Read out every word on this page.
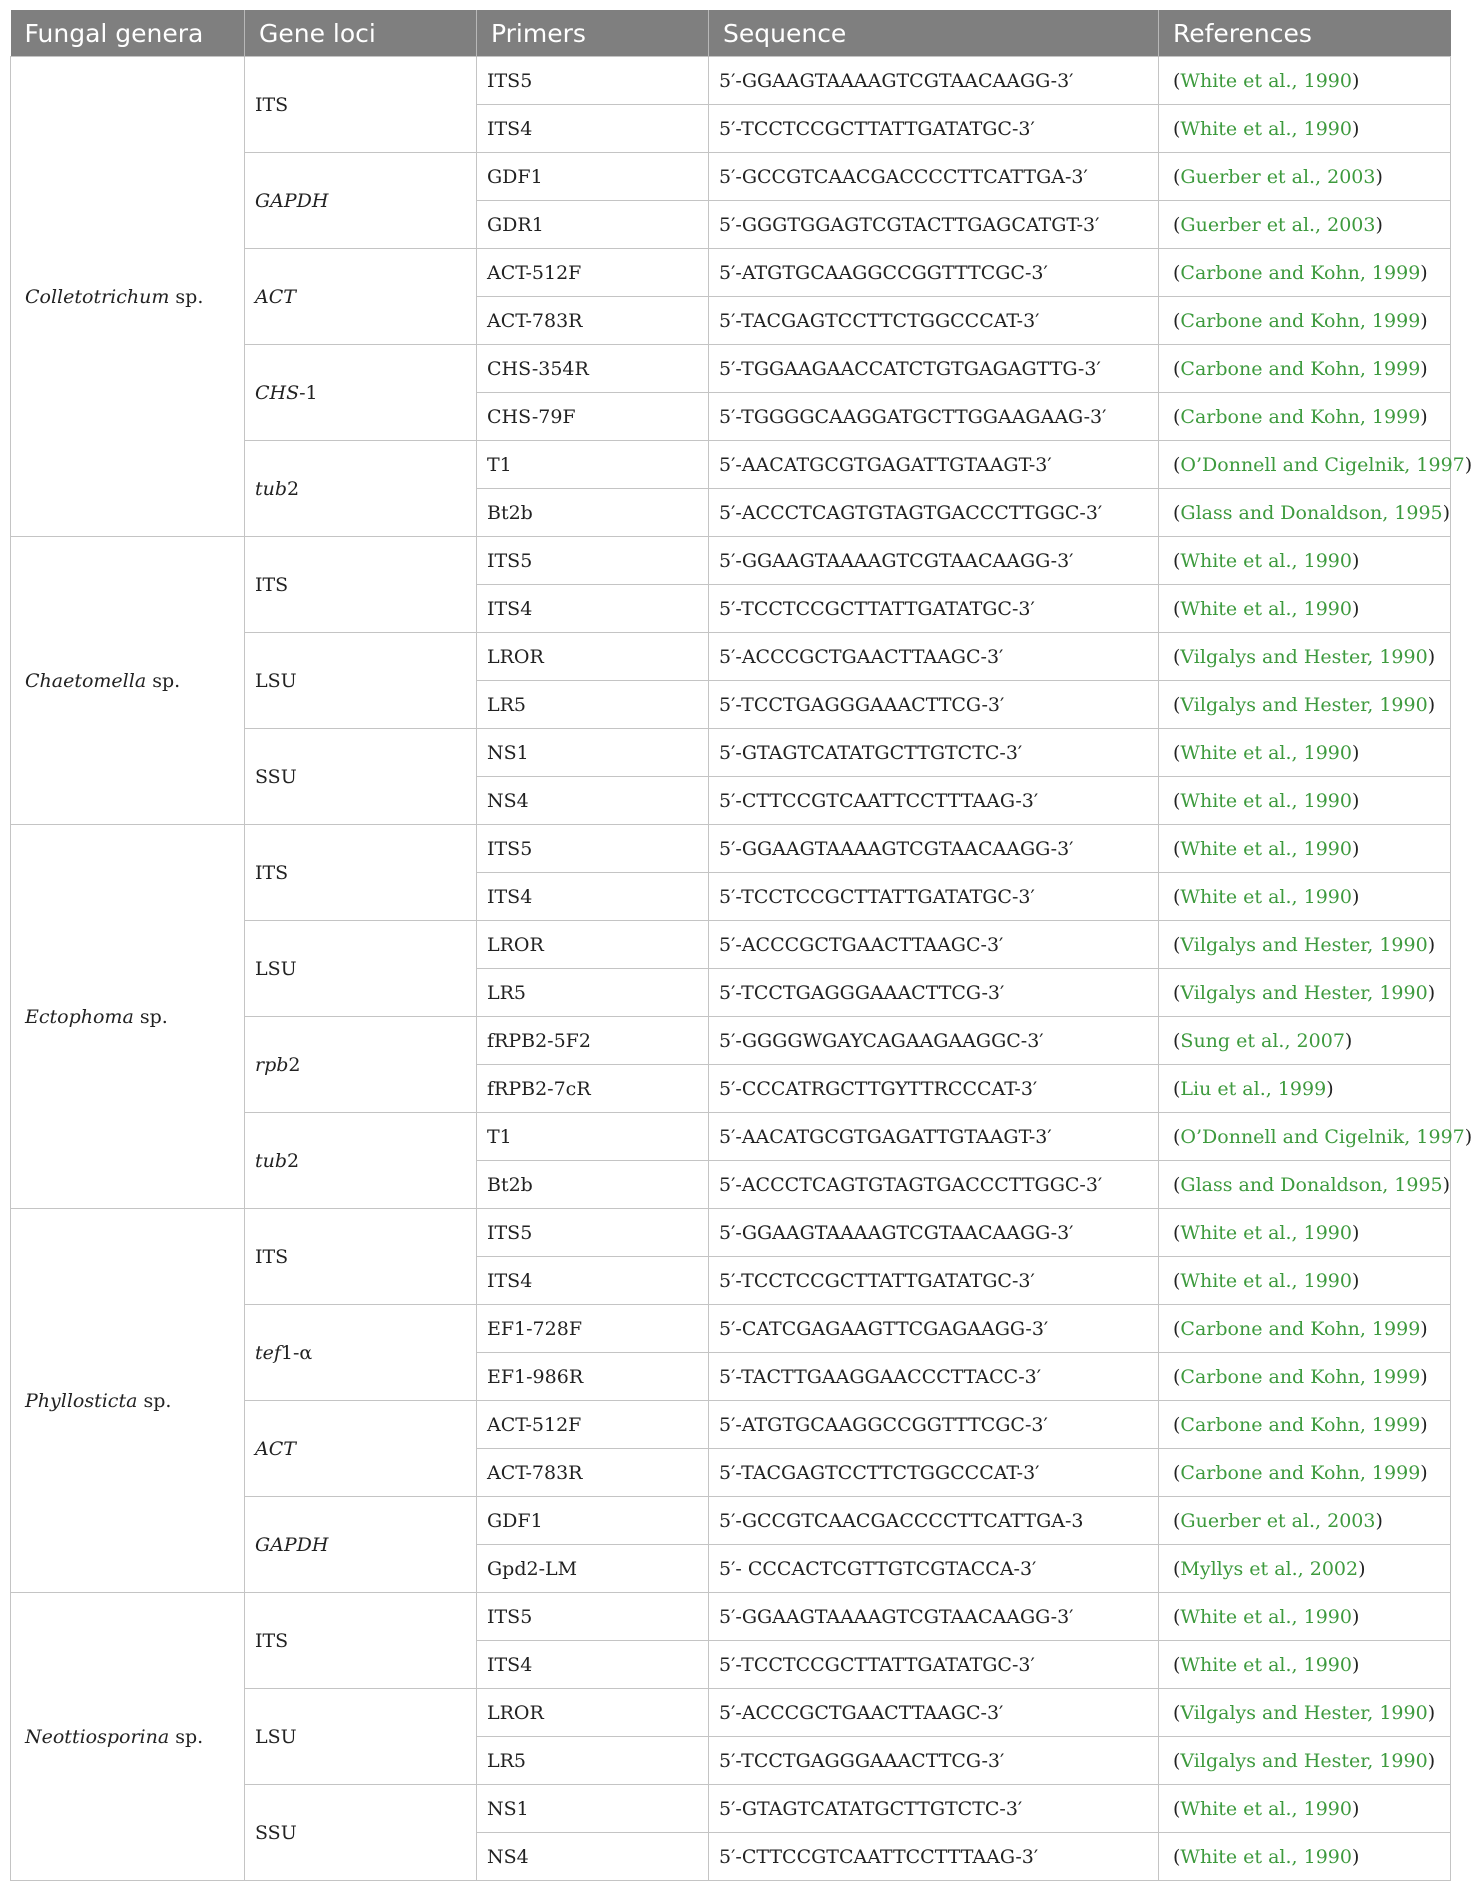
Fungal genera	Gene loci	Primers	Sequence	References
Colletotrichum sp.	ITS	ITS5	5′-GGAAGTAAAAGTCGTAACAAGG-3′	(White et al., 1990)
		ITS4	5′-TCCTCCGCTTATTGATATGC-3′	(White et al., 1990)
	GAPDH	GDF1	5′-GCCGTCAACGACCCCTTCATTGA-3′	(Guerber et al., 2003)
		GDR1	5′-GGGTGGAGTCGTACTTGAGCATGT-3′	(Guerber et al., 2003)
	ACT	ACT-512F	5′-ATGTGCAAGGCCGGTTTCGC-3′	(Carbone and Kohn, 1999)
		ACT-783R	5′-TACGAGTCCTTCTGGCCCAT-3′	(Carbone and Kohn, 1999)
	CHS-1	CHS-354R	5′-TGGAAGAACCATCTGTGAGAGTTG-3′	(Carbone and Kohn, 1999)
		CHS-79F	5′-TGGGGCAAGGATGCTTGGAAGAAG-3′	(Carbone and Kohn, 1999)
	tub2	T1	5′-AACATGCGTGAGATTGTAAGT-3′	(O’Donnell and Cigelnik, 1997)
		Bt2b	5′-ACCCTCAGTGTAGTGACCCTTGGC-3′	(Glass and Donaldson, 1995)
Chaetomella sp.	ITS	ITS5	5′-GGAAGTAAAAGTCGTAACAAGG-3′	(White et al., 1990)
		ITS4	5′-TCCTCCGCTTATTGATATGC-3′	(White et al., 1990)
	LSU	LROR	5′-ACCCGCTGAACTTAAGC-3′	(Vilgalys and Hester, 1990)
		LR5	5′-TCCTGAGGGAAACTTCG-3′	(Vilgalys and Hester, 1990)
	SSU	NS1	5′-GTAGTCATATGCTTGTCTC-3′	(White et al., 1990)
		NS4	5′-CTTCCGTCAATTCCTTTAAG-3′	(White et al., 1990)
Ectophoma sp.	ITS	ITS5	5′-GGAAGTAAAAGTCGTAACAAGG-3′	(White et al., 1990)
		ITS4	5′-TCCTCCGCTTATTGATATGC-3′	(White et al., 1990)
	LSU	LROR	5′-ACCCGCTGAACTTAAGC-3′	(Vilgalys and Hester, 1990)
		LR5	5′-TCCTGAGGGAAACTTCG-3′	(Vilgalys and Hester, 1990)
	rpb2	fRPB2-5F2	5′-GGGGWGAYCAGAAGAAGGC-3′	(Sung et al., 2007)
		fRPB2-7cR	5′-CCCATRGCTTGYTTRCCCAT-3′	(Liu et al., 1999)
	tub2	T1	5′-AACATGCGTGAGATTGTAAGT-3′	(O’Donnell and Cigelnik, 1997)
		Bt2b	5′-ACCCTCAGTGTAGTGACCCTTGGC-3′	(Glass and Donaldson, 1995)
Phyllosticta sp.	ITS	ITS5	5′-GGAAGTAAAAGTCGTAACAAGG-3′	(White et al., 1990)
		ITS4	5′-TCCTCCGCTTATTGATATGC-3′	(White et al., 1990)
	tef1-α	EF1-728F	5′-CATCGAGAAGTTCGAGAAGG-3′	(Carbone and Kohn, 1999)
		EF1-986R	5′-TACTTGAAGGAACCCTTACC-3′	(Carbone and Kohn, 1999)
	ACT	ACT-512F	5′-ATGTGCAAGGCCGGTTTCGC-3′	(Carbone and Kohn, 1999)
		ACT-783R	5′-TACGAGTCCTTCTGGCCCAT-3′	(Carbone and Kohn, 1999)
	GAPDH	GDF1	5′-GCCGTCAACGACCCCTTCATTGA-3	(Guerber et al., 2003)
		Gpd2-LM	5′- CCCACTCGTTGTCGTACCA-3′	(Myllys et al., 2002)
Neottiosporina sp.	ITS	ITS5	5′-GGAAGTAAAAGTCGTAACAAGG-3′	(White et al., 1990)
		ITS4	5′-TCCTCCGCTTATTGATATGC-3′	(White et al., 1990)
	LSU	LROR	5′-ACCCGCTGAACTTAAGC-3′	(Vilgalys and Hester, 1990)
		LR5	5′-TCCTGAGGGAAACTTCG-3′	(Vilgalys and Hester, 1990)
	SSU	NS1	5′-GTAGTCATATGCTTGTCTC-3′	(White et al., 1990)
		NS4	5′-CTTCCGTCAATTCCTTTAAG-3′	(White et al., 1990)
